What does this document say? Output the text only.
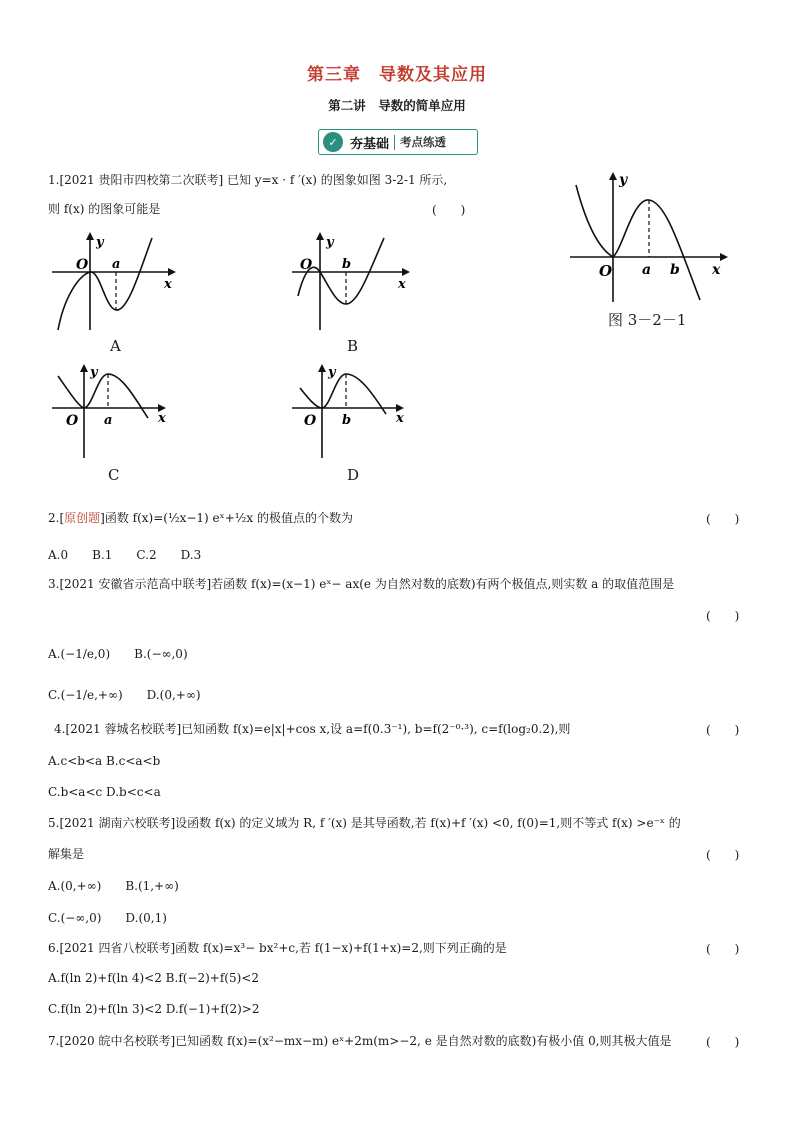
第三章　导数及其应用
第二讲　导数的简单应用
✓ 夯基础 考点练透
1.[2021 贵阳市四校第二次联考] 已知 y=x · f ′(x) 的图象如图 3-2-1 所示,
则 f(x) 的图象可能是	(　　)
y
O a b x
图 3－2－1
y
O a
x
A
y
O b
x
B
y
O a	x
C
y
O b	x
D
2.[原创题]函数 f(x)=(½x−1) eˣ+½x 的极值点的个数为	(　　)
A.0　　B.1　　C.2　　D.3
3.[2021 安徽省示范高中联考]若函数 f(x)=(x−1) eˣ− ax(e 为自然对数的底数)有两个极值点,则实数 a 的取值范围是
(　　)
A.(−1/e,0)　　B.(−∞,0)
C.(−1/e,+∞)　　D.(0,+∞)
4.[2021 蓉城名校联考]已知函数 f(x)=e|x|+cos x,设 a=f(0.3⁻¹), b=f(2⁻⁰·³), c=f(log₂0.2),则	(　　)
A.c<b<a B.c<a<b
C.b<a<c D.b<c<a
5.[2021 湖南六校联考]设函数 f(x) 的定义域为 R, f ′(x) 是其导函数,若 f(x)+f ′(x) <0, f(0)=1,则不等式 f(x) >e⁻ˣ 的
解集是	(　　)
A.(0,+∞)　　B.(1,+∞)
C.(−∞,0)　　D.(0,1)
6.[2021 四省八校联考]函数 f(x)=x³− bx²+c,若 f(1−x)+f(1+x)=2,则下列正确的是	(　　)
A.f(ln 2)+f(ln 4)<2 B.f(−2)+f(5)<2
C.f(ln 2)+f(ln 3)<2 D.f(−1)+f(2)>2
7.[2020 皖中名校联考]已知函数 f(x)=(x²−mx−m) eˣ+2m(m>−2, e 是自然对数的底数)有极小值 0,则其极大值是	(　　)
